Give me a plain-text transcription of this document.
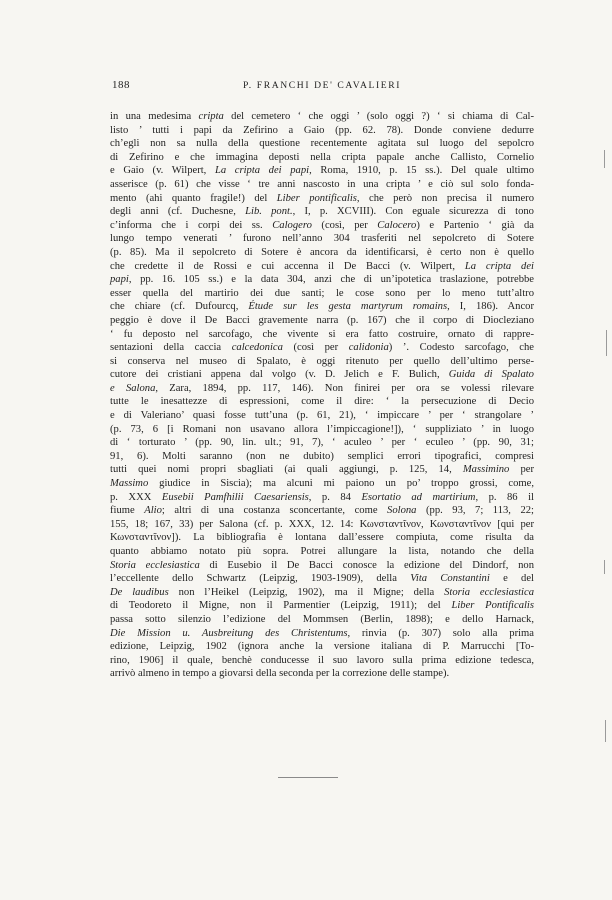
188	P. FRANCHI DE' CAVALIERI
in una medesima cripta del cemetero ‘ che oggi ’ (solo oggi ?) ‘ si chiama di Cal-
listo ’ tutti i papi da Zefirino a Gaio (pp. 62. 78). Donde conviene dedurre
ch’egli non sa nulla della questione recentemente agitata sul luogo del sepolcro
di Zefirino e che immagina deposti nella cripta papale anche Callisto, Cornelio
e Gaio (v. Wilpert, La cripta dei papi, Roma, 1910, p. 15 ss.). Del quale ultimo
asserisce (p. 61) che visse ‘ tre anni nascosto in una cripta ’ e ciò sul solo fonda-
mento (ahi quanto fragile!) del Liber pontificalis, che però non precisa il numero
degli anni (cf. Duchesne, Lib. pont., I, p. XCVIII). Con eguale sicurezza di tono
c’informa che i corpi dei ss. Calogero (così, per Calocero) e Partenio ‘ già da
lungo tempo venerati ’ furono nell’anno 304 trasferiti nel sepolcreto di Sotere
(p. 85). Ma il sepolcreto di Sotere è ancora da identificarsi, è certo non è quello
che credette il de Rossi e cui accenna il De Bacci (v. Wilpert, La cripta dei
papi, pp. 16. 105 ss.) e la data 304, anzi che di un’ipotetica traslazione, potrebbe
esser quella del martirio dei due santi; le cose sono per lo meno tutt’altro
che chiare (cf. Dufourcq, Étude sur les gesta martyrum romains, I, 186). Ancor
peggio è dove il De Bacci gravemente narra (p. 167) che il corpo di Diocleziano
‘ fu deposto nel sarcofago, che vivente si era fatto costruire, ornato di rappre-
sentazioni della caccia calcedonica (così per calidonia) ’. Codesto sarcofago, che
si conserva nel museo di Spalato, è oggi ritenuto per quello dell’ultimo perse-
cutore dei cristiani appena dal volgo (v. D. Jelich e F. Bulich, Guida di Spalato
e Salona, Zara, 1894, pp. 117, 146). Non finirei per ora se volessi rilevare
tutte le inesattezze di espressioni, come il dire: ‘ la persecuzione di Decio
e di Valeriano’ quasi fosse tutt’una (p. 61, 21), ‘ impiccare ’ per ‘ strangolare ’
(p. 73, 6 [i Romani non usavano allora l’impiccagione!]), ‘ suppliziato ’ in luogo
di ‘ torturato ’ (pp. 90, lin. ult.; 91, 7), ‘ aculeo ’ per ‘ eculeo ’ (pp. 90, 31;
91, 6). Molti saranno (non ne dubito) semplici errori tipografici, compresi
tutti quei nomi propri sbagliati (ai quali aggiungi, p. 125, 14, Massimino per
Massimo giudice in Siscia); ma alcuni mi paiono un po’ troppo grossi, come,
p. XXX Eusebii Pamfhilii Caesariensis, p. 84 Esortatio ad martirium, p. 86 il
fiume Alio; altri di una costanza sconcertante, come Solona (pp. 93, 7; 113, 22;
155, 18; 167, 33) per Salona (cf. p. XXX, 12. 14: Κωνσταντῖνον, Κωνσταντῖνον [qui per
Κωνσταντῖνον]). La bibliografia è lontana dall’essere compiuta, come risulta da
quanto abbiamo notato più sopra. Potrei allungare la lista, notando che della
Storia ecclesiastica di Eusebio il De Bacci conosce la edizione del Dindorf, non
l’eccellente dello Schwartz (Leipzig, 1903-1909), della Vita Constantini e del
De laudibus non l’Heikel (Leipzig, 1902), ma il Migne; della Storia ecclesiastica
di Teodoreto il Migne, non il Parmentier (Leipzig, 1911); del Liber Pontificalis
passa sotto silenzio l’edizione del Mommsen (Berlin, 1898); e dello Harnack,
Die Mission u. Ausbreitung des Christentums, rinvia (p. 307) solo alla prima
edizione, Leipzig, 1902 (ignora anche la versione italiana di P. Marrucchi [To-
rino, 1906] il quale, benchè conducesse il suo lavoro sulla prima edizione tedesca,
arrivò almeno in tempo a giovarsi della seconda per la correzione delle stampe).
